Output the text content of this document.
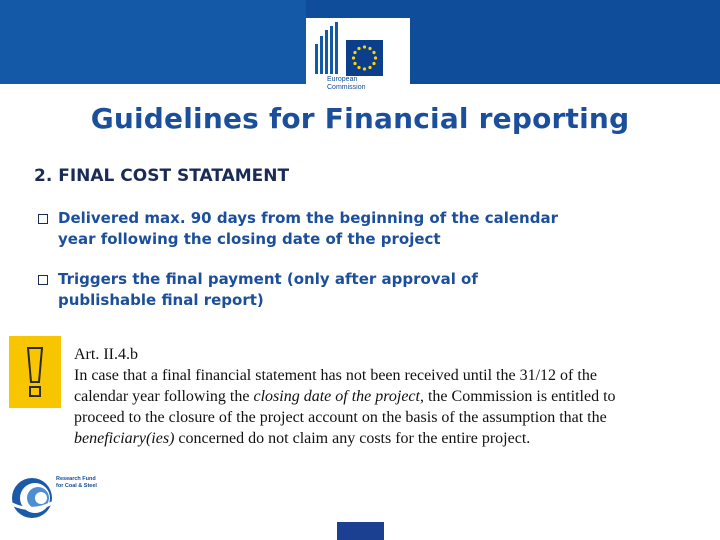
European
Commission
Guidelines for Financial reporting
2. FINAL COST STATAMENT
Delivered max. 90 days from the beginning of the calendar
year following the closing date of the project
Triggers the final payment (only after approval of
publishable final report)
Art. II.4.b
In case that a final financial statement has not been received until the 31/12 of the calendar year following the closing date of the project, the Commission is entitled to proceed to the closure of the project account on the basis of the assumption that the beneficiary(ies) concerned do not claim any costs for the entire project.
Research Fund
for Coal & Steel
